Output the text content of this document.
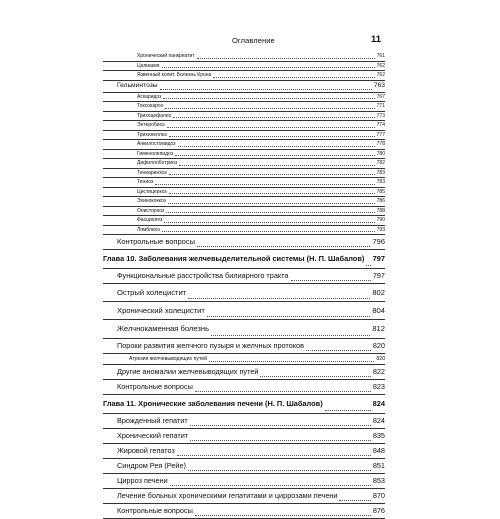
Оглавление	11
Хронический панкреатит	761
Целиакия	762
Язвенный колит. Болезнь Крона	762
Гельминтозы	763
Аскаридоз	767
Токсокароз	771
Трихоцефалез	773
Энтеробиоз	774
Трихинеллез	777
Анкилостомидоз	778
Гименолепидоз	780
Дифиллоботриоз	782
Тениаринхоз	783
Тениоз	783
Цистицеркоз	785
Эхинококкоз	786
Описторхоз	788
Фасциолез	790
Лямблиоз	793
Контрольные вопросы	796
Глава 10. Заболевания желчевыделительной системы (Н. П. Шабалов) 797
Функциональные расстройства билиарного тракта	797
Острый холецистит	802
Хронический холецистит	804
Желчнокаменная болезнь	812
Пороки развития желчного пузыря и желчных протоков	820
Атрезия желчевыводящих путей	820
Другие аномалии желчевыводящих путей	822
Контрольные вопросы	823
Глава 11. Хронические заболевания печени (Н. П. Шабалов)	824
Врожденный гепатит	824
Хронический гепатит	835
Жировой гепатоз	848
Синдром Рея (Рейе)	851
Цирроз печени	853
Лечение больных хроническими гепатитами и циррозами печени	870
Контрольные вопросы	876
